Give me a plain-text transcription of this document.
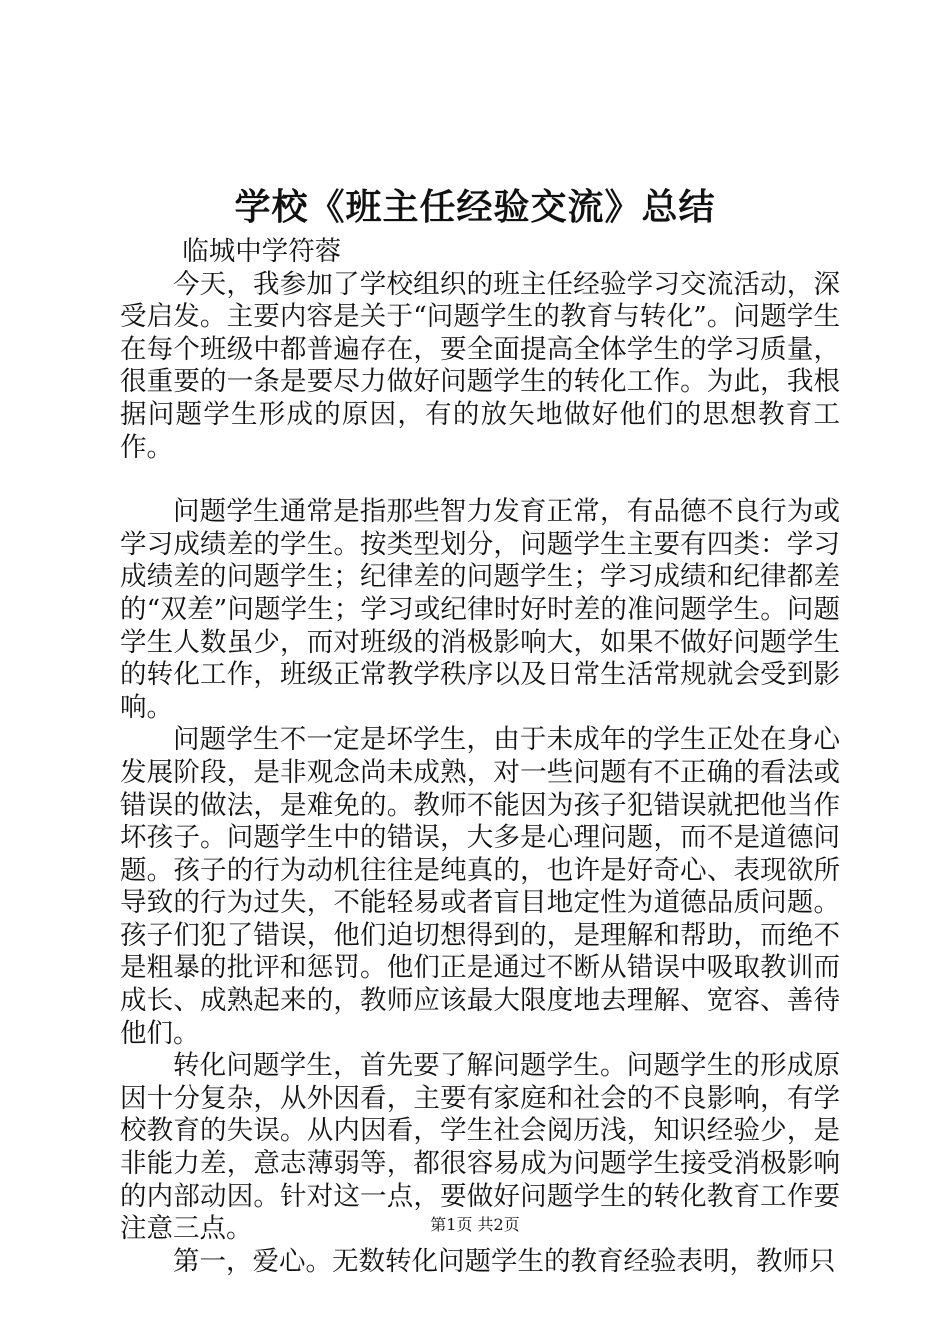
学校《班主任经验交流》总结

临城中学符蓉

今天，我参加了学校组织的班主任经验学习交流活动，深受启发。主要内容是关于“问题学生的教育与转化”。问题学生在每个班级中都普遍存在，要全面提高全体学生的学习质量，很重要的一条是要尽力做好问题学生的转化工作。为此，我根据问题学生形成的原因，有的放矢地做好他们的思想教育工作。

问题学生通常是指那些智力发育正常，有品德不良行为或学习成绩差的学生。按类型划分，问题学生主要有四类：学习成绩差的问题学生；纪律差的问题学生；学习成绩和纪律都差的“双差”问题学生；学习或纪律时好时差的准问题学生。问题学生人数虽少，而对班级的消极影响大，如果不做好问题学生的转化工作，班级正常教学秩序以及日常生活常规就会受到影响。

问题学生不一定是坏学生，由于未成年的学生正处在身心发展阶段，是非观念尚未成熟，对一些问题有不正确的看法或错误的做法，是难免的。教师不能因为孩子犯错误就把他当作坏孩子。问题学生中的错误，大多是心理问题，而不是道德问题。孩子的行为动机往往是纯真的，也许是好奇心、表现欲所导致的行为过失，不能轻易或者盲目地定性为道德品质问题。孩子们犯了错误，他们迫切想得到的，是理解和帮助，而绝不是粗暴的批评和惩罚。他们正是通过不断从错误中吸取教训而成长、成熟起来的，教师应该最大限度地去理解、宽容、善待他们。

转化问题学生，首先要了解问题学生。问题学生的形成原因十分复杂，从外因看，主要有家庭和社会的不良影响，有学校教育的失误。从内因看，学生社会阅历浅，知识经验少，是非能力差，意志薄弱等，都很容易成为问题学生接受消极影响的内部动因。针对这一点，要做好问题学生的转化教育工作要注意三点。

第一，爱心。无数转化问题学生的教育经验表明，教师只

第1页 共2页
